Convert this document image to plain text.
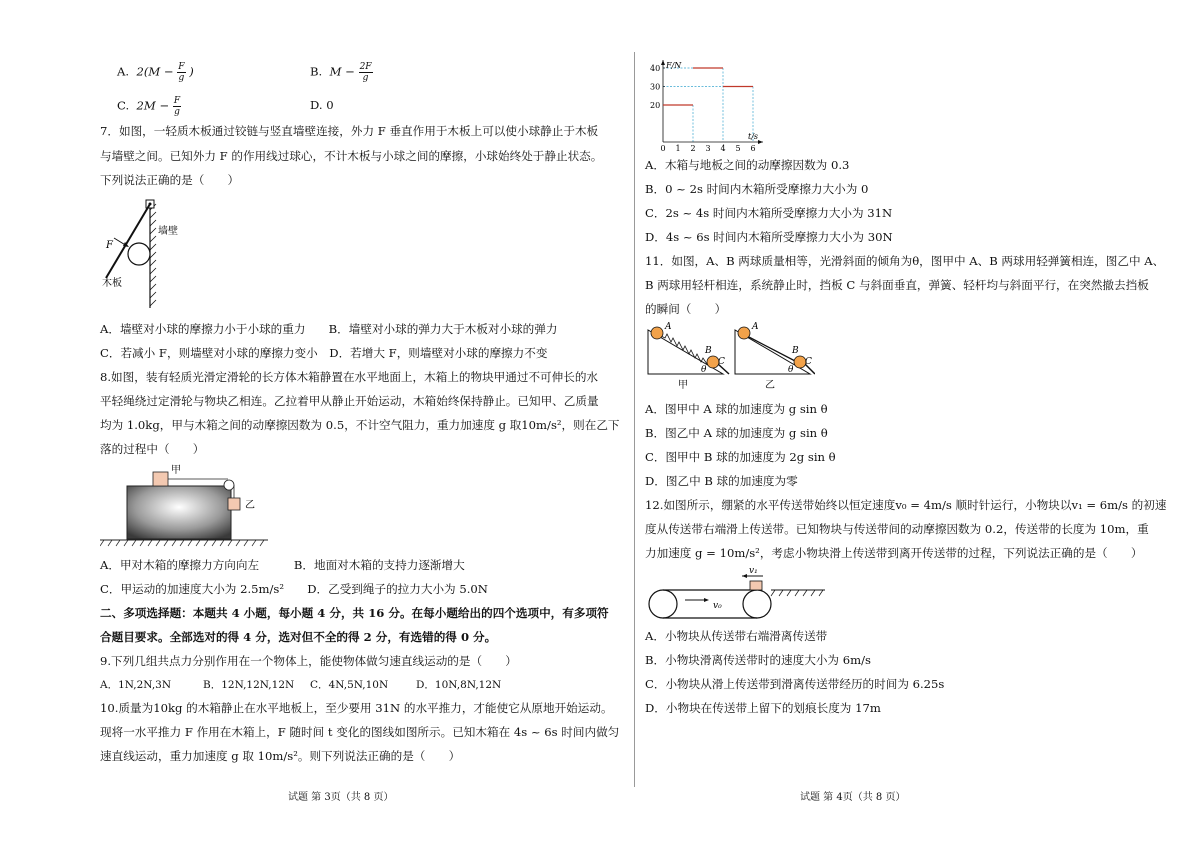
A. $2(M - \frac{F}{g}$ )	B. $M - \frac{2F}{g}$
C. $2M - \frac{F}{g}$	D. 0
7．如图，一轻质木板通过铰链与竖直墙壁连接，外力 F 垂直作用于木板上可以使小球静止于木板
与墙壁之间。已知外力 F 的作用线过球心，不计木板与小球之间的摩擦，小球始终处于静止状态。
下列说法正确的是（　　）
墙壁
F
木板
A．墙壁对小球的摩擦力小于小球的重力　　B．墙壁对小球的弹力大于木板对小球的弹力
C．若减小 F，则墙壁对小球的摩擦力变小　D．若增大 F，则墙壁对小球的摩擦力不变
8.如图，装有轻质光滑定滑轮的长方体木箱静置在水平地面上，木箱上的物块甲通过不可伸长的水
平轻绳绕过定滑轮与物块乙相连。乙拉着甲从静止开始运动，木箱始终保持静止。已知甲、乙质量
均为 1.0kg，甲与木箱之间的动摩擦因数为 0.5，不计空气阻力，重力加速度 g 取10m/s²，则在乙下
落的过程中（　　）
甲
乙
A．甲对木箱的摩擦力方向向左　　　B．地面对木箱的支持力逐渐增大
C．甲运动的加速度大小为 2.5m/s²　　D．乙受到绳子的拉力大小为 5.0N
二、多项选择题：本题共 4 小题，每小题 4 分，共 16 分。在每小题给出的四个选项中，有多项符
合题目要求。全部选对的得 4 分，选对但不全的得 2 分，有选错的得 0 分。
9.下列几组共点力分别作用在一个物体上，能使物体做匀速直线运动的是（　　）
A．1N,2N,3N	B．12N,12N,12N C．4N,5N,10N	D．10N,8N,12N
10.质量为10kg 的木箱静止在水平地板上，至少要用 31N 的水平推力，才能使它从原地开始运动。
现将一水平推力 F 作用在木箱上，F 随时间 t 变化的图线如图所示。已知木箱在 4s ~ 6s 时间内做匀
速直线运动，重力加速度 g 取 10m/s²。则下列说法正确的是（　　）
试题 第 3页（共 8 页）
F/N
t/s
0 1 2 3 4 5 6
20
30
40
A．木箱与地板之间的动摩擦因数为 0.3
B．0 ~ 2s 时间内木箱所受摩擦力大小为 0
C．2s ~ 4s 时间内木箱所受摩擦力大小为 31N
D．4s ~ 6s 时间内木箱所受摩擦力大小为 30N
11．如图，A、B 两球质量相等，光滑斜面的倾角为θ，图甲中 A、B 两球用轻弹簧相连，图乙中 A、
B 两球用轻杆相连，系统静止时，挡板 C 与斜面垂直，弹簧、轻杆均与斜面平行，在突然撤去挡板
的瞬间（　　）
A
B
C
θ
甲
A
B
C
θ
乙
A．图甲中 A 球的加速度为 g sin θ
B．图乙中 A 球的加速度为 g sin θ
C．图甲中 B 球的加速度为 2g sin θ
D．图乙中 B 球的加速度为零
12.如图所示，绷紧的水平传送带始终以恒定速度v₀ = 4m/s 顺时针运行，小物块以v₁ = 6m/s 的初速
度从传送带右端滑上传送带。已知物块与传送带间的动摩擦因数为 0.2，传送带的长度为 10m，重
力加速度 g = 10m/s²，考虑小物块滑上传送带到离开传送带的过程，下列说法正确的是（　　）
v₁
v₀
A．小物块从传送带右端滑离传送带
B．小物块滑离传送带时的速度大小为 6m/s
C．小物块从滑上传送带到滑离传送带经历的时间为 6.25s
D．小物块在传送带上留下的划痕长度为 17m
试题 第 4页（共 8 页）
